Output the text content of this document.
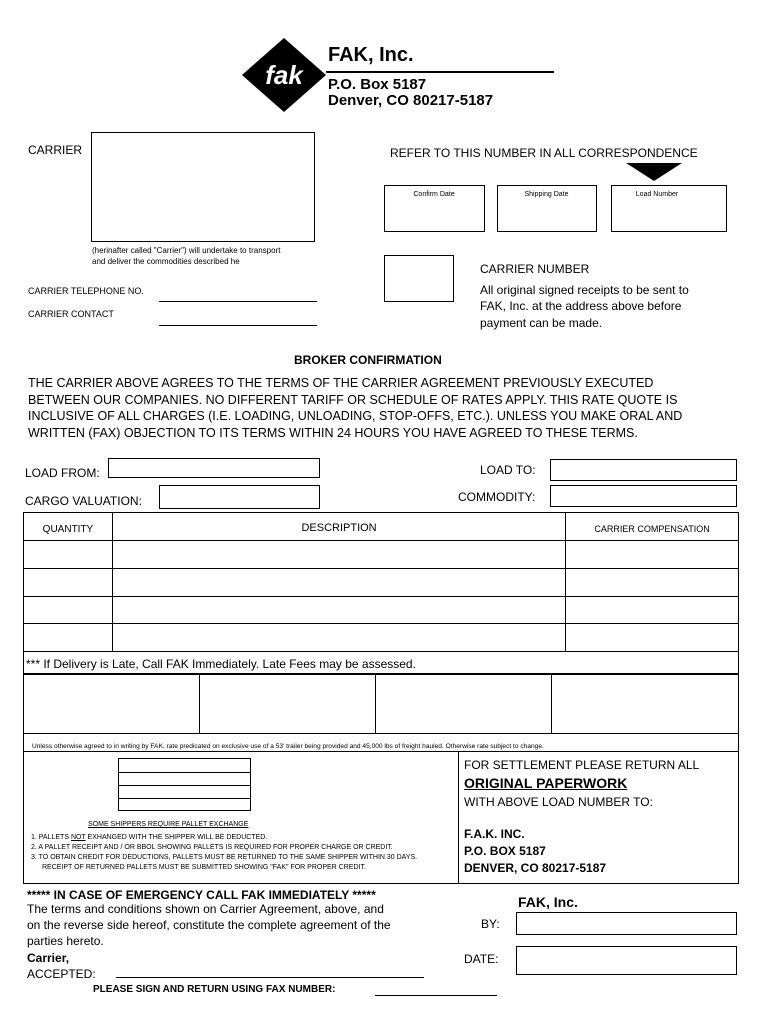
fak
FAK, Inc.
P.O. Box 5187
Denver, CO 80217-5187
CARRIER
(herinafter called "Carrier") will undertake to transport
and deliver the commodities described he
CARRIER TELEPHONE NO.
CARRIER CONTACT
REFER TO THIS NUMBER IN ALL CORRESPONDENCE
Confirm Date	Shipping Date	Load Number
CARRIER NUMBER
All original signed receipts to be sent to
FAK, Inc. at the address above before
payment can be made.
BROKER CONFIRMATION
THE CARRIER ABOVE AGREES TO THE TERMS OF THE CARRIER AGREEMENT PREVIOUSLY EXECUTED
BETWEEN OUR COMPANIES. NO DIFFERENT TARIFF OR SCHEDULE OF RATES APPLY. THIS RATE QUOTE IS
INCLUSIVE OF ALL CHARGES (I.E. LOADING, UNLOADING, STOP-OFFS, ETC.). UNLESS YOU MAKE ORAL AND
WRITTEN (FAX) OBJECTION TO ITS TERMS WITHIN 24 HOURS YOU HAVE AGREED TO THESE TERMS.
LOAD FROM:	LOAD TO:
CARGO VALUATION:	COMMODITY:
$_{QUANTITY}$	$_{DESCRIPTION}$	$_{CARRIER COMPENSATION}$

*** If Delivery is Late, Call FAK Immediately. Late Fees may be assessed.

Unless otherwise agreed to in writing by FAK, rate predicated on exclusive use of a 53' trailer being provided and 45,000 lbs of freight hauled. Otherwise rate subject to change.
SOME SHIPPERS REQUIRE PALLET EXCHANGE
1. PALLETS NOT EXHANGED WITH THE SHIPPER WILL BE DEDUCTED.
2. A PALLET RECEIPT AND / OR BBOL SHOWING PALLETS IS REQUIRED FOR PROPER CHARGE OR CREDIT.
3. TO OBTAIN CREDIT FOR DEDUCTIONS, PALLETS MUST BE RETURNED TO THE SAME SHIPPER WITHIN 30 DAYS.
RECEIPT OF RETURNED PALLETS MUST BE SUBMITTED SHOWING "FAK" FOR PROPER CREDIT.
FOR SETTLEMENT PLEASE RETURN ALL
ORIGINAL PAPERWORK
WITH ABOVE LOAD NUMBER TO:
F.A.K. INC.
P.O. BOX 5187
DENVER, CO 80217-5187
***** IN CASE OF EMERGENCY CALL FAK IMMEDIATELY *****
The terms and conditions shown on Carrier Agreement, above, and
on the reverse side hereof, constitute the complete agreement of the
parties hereto.
Carrier,
ACCEPTED:
PLEASE SIGN AND RETURN USING FAX NUMBER:
FAK, Inc.
BY:
DATE:
